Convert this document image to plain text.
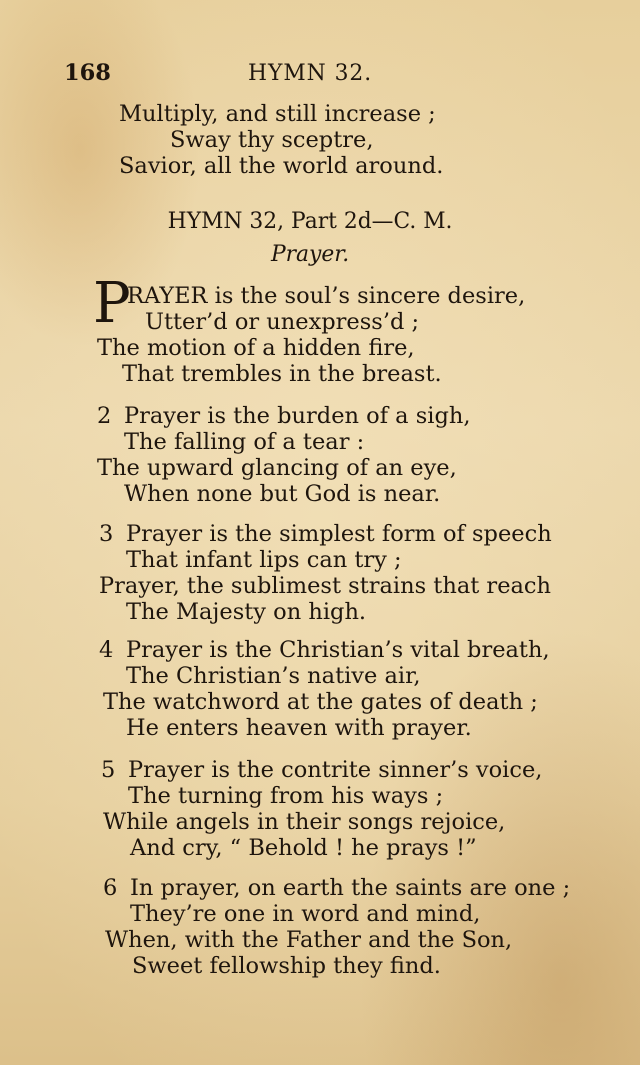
168	HYMN 32.
Multiply, and still increase ;
Sway thy sceptre,
Savior, all the world around.
HYMN 32, Part 2d—C. M.
Prayer.
P
RAYER is the soul’s sincere desire,
Utter’d or unexpress’d ;
The motion of a hidden fire,
That trembles in the breast.
2 Prayer is the burden of a sigh,
The falling of a tear :
The upward glancing of an eye,
When none but God is near.
3 Prayer is the simplest form of speech
That infant lips can try ;
Prayer, the sublimest strains that reach
The Majesty on high.
4 Prayer is the Christian’s vital breath,
The Christian’s native air,
The watchword at the gates of death ;
He enters heaven with prayer.
5 Prayer is the contrite sinner’s voice,
The turning from his ways ;
While angels in their songs rejoice,
And cry, “ Behold ! he prays !”
6 In prayer, on earth the saints are one ;
They’re one in word and mind,
When, with the Father and the Son,
Sweet fellowship they find.
